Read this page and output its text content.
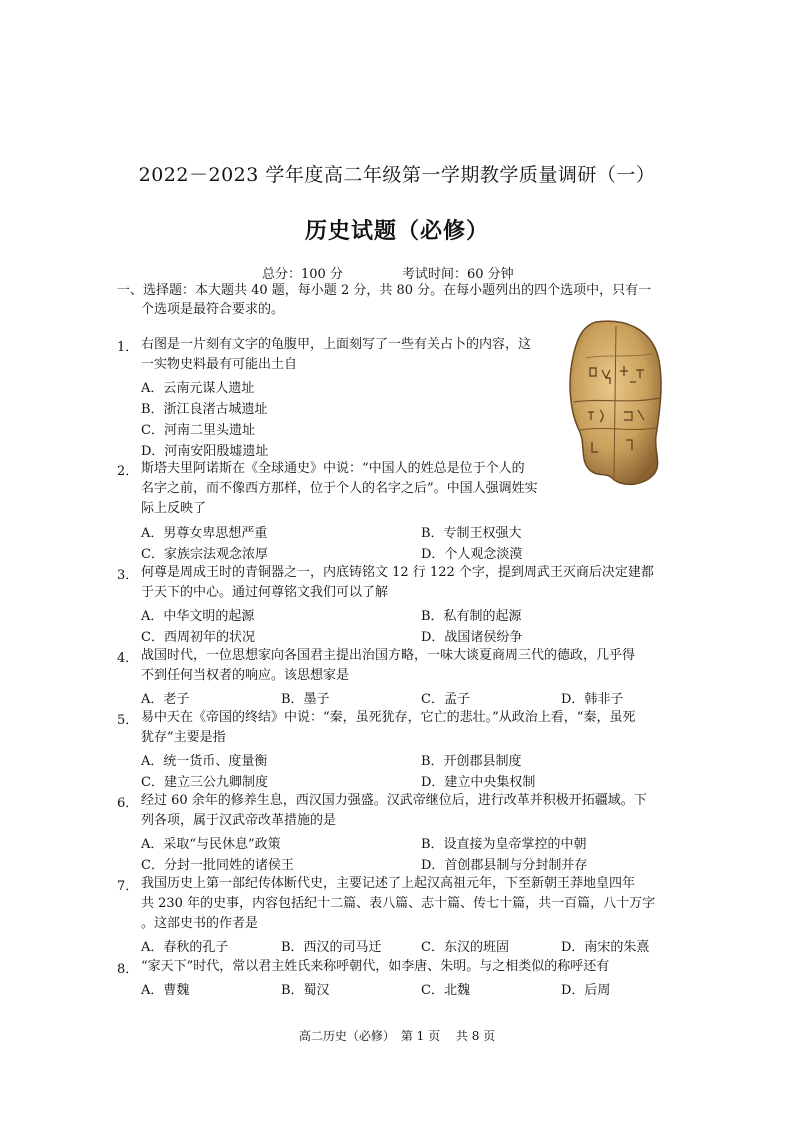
2022－2023 学年度高二年级第一学期教学质量调研（一）
历史试题（必修）
总分：100 分	考试时间：60 分钟
一、选择题：本大题共 40 题，每小题 2 分，共 80 分。在每小题列出的四个选项中，只有一
个选项是最符合要求的。
1． 右图是一片刻有文字的龟腹甲，上面刻写了一些有关占卜的内容，这
一实物史料最有可能出土自
A．云南元谋人遗址
B．浙江良渚古城遗址
C．河南二里头遗址
D．河南安阳殷墟遗址
2． 斯塔夫里阿诺斯在《全球通史》中说：“中国人的姓总是位于个人的
名字之前，而不像西方那样，位于个人的名字之后”。中国人强调姓实
际上反映了
A．男尊女卑思想严重	B．专制王权强大
C．家族宗法观念浓厚	D．个人观念淡漠
3． 何尊是周成王时的青铜器之一，内底铸铭文 12 行 122 个字，提到周武王灭商后决定建都
于天下的中心。通过何尊铭文我们可以了解
A．中华文明的起源	B．私有制的起源
C．西周初年的状况	D．战国诸侯纷争
4． 战国时代，一位思想家向各国君主提出治国方略，一味大谈夏商周三代的德政，几乎得
不到任何当权者的响应。该思想家是
A．老子	B．墨子	C．孟子	D．韩非子
5． 易中天在《帝国的终结》中说：“秦，虽死犹存，它亡的悲壮。”从政治上看，“秦，虽死
犹存”主要是指
A．统一货币、度量衡	B．开创郡县制度
C．建立三公九卿制度	D．建立中央集权制
6． 经过 60 余年的修养生息，西汉国力强盛。汉武帝继位后，进行改革并积极开拓疆域。下
列各项，属于汉武帝改革措施的是
A．采取“与民休息”政策	B．设直接为皇帝掌控的中朝
C．分封一批同姓的诸侯王	D．首创郡县制与分封制并存
7． 我国历史上第一部纪传体断代史，主要记述了上起汉高祖元年，下至新朝王莽地皇四年
共 230 年的史事，内容包括纪十二篇、表八篇、志十篇、传七十篇，共一百篇，八十万字
。这部史书的作者是
A．春秋的孔子	B．西汉的司马迁	C．东汉的班固	D．南宋的朱熹
8． “家天下”时代，常以君主姓氏来称呼朝代，如李唐、朱明。与之相类似的称呼还有
A．曹魏	B．蜀汉	C．北魏	D．后周
高二历史（必修）　第 1 页　 共 8 页
